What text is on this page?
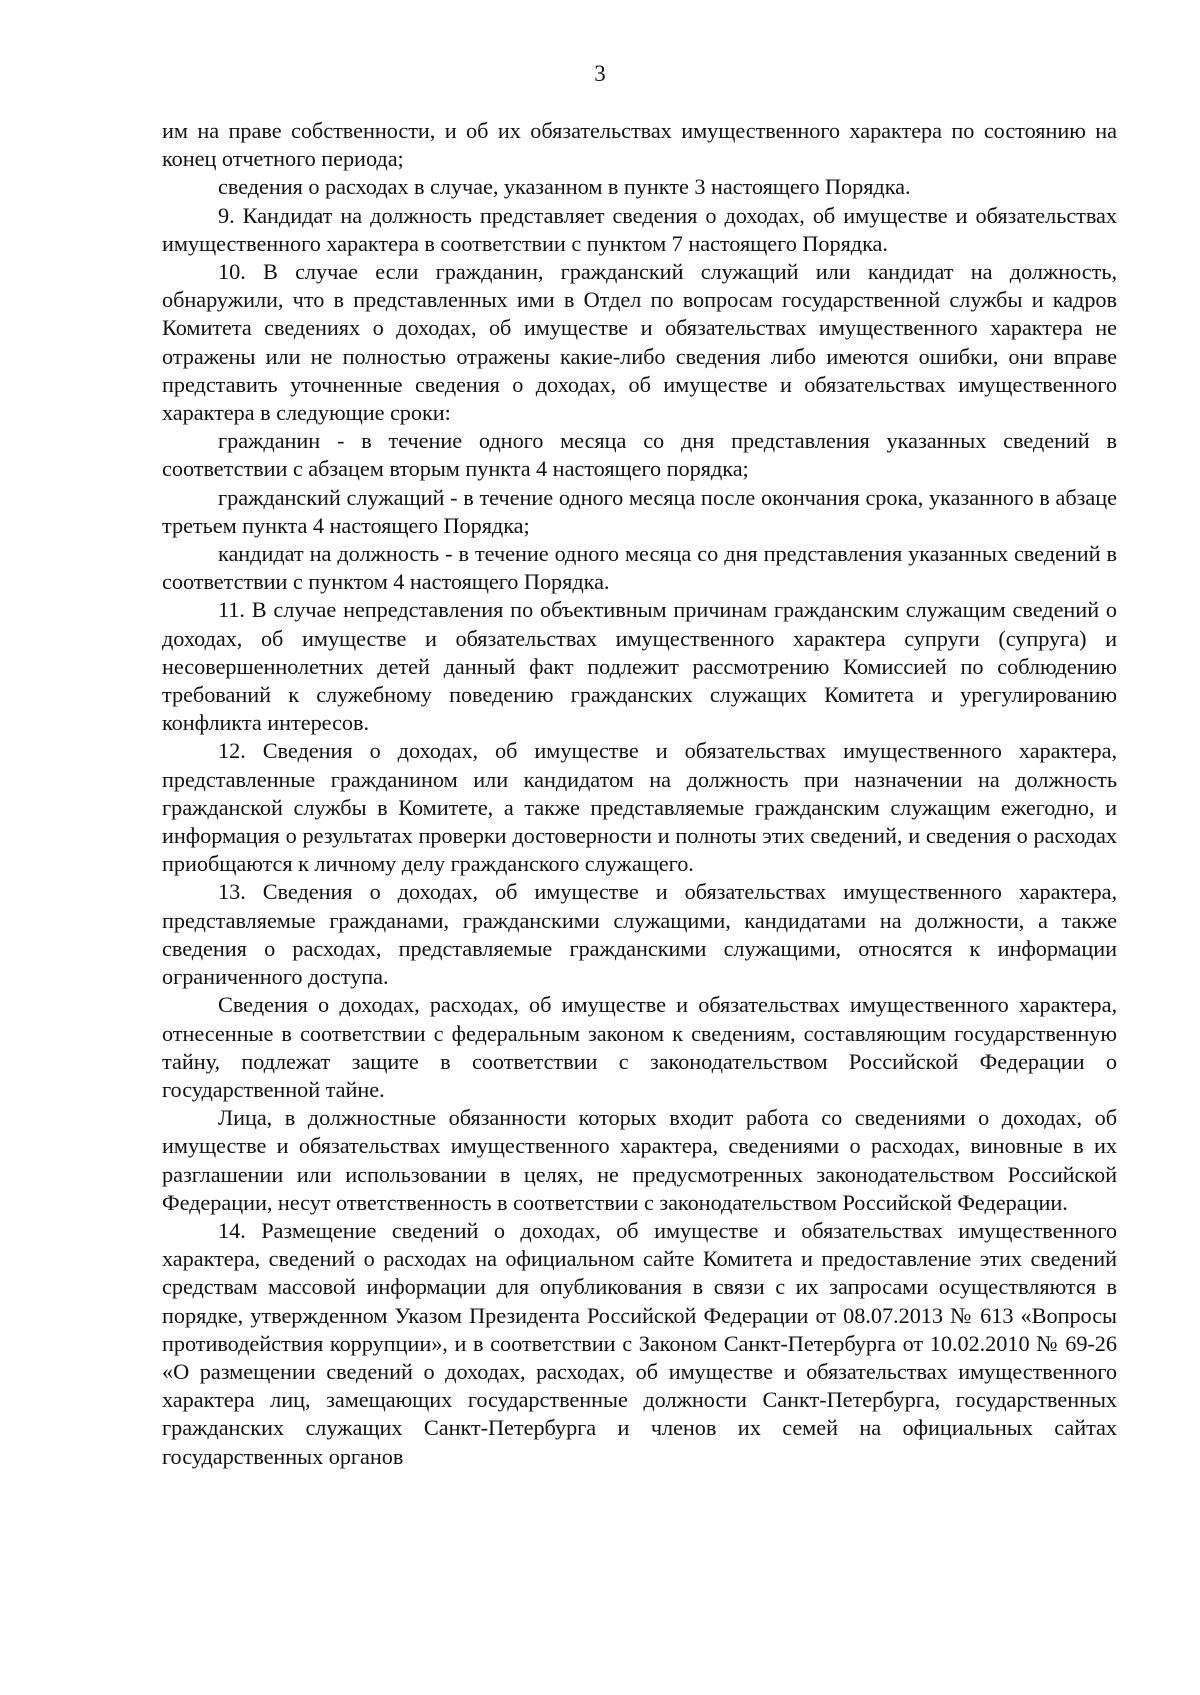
3

им на праве собственности, и об их обязательствах имущественного характера по состоянию на конец отчетного периода;

сведения о расходах в случае, указанном в пункте 3 настоящего Порядка.

9. Кандидат на должность представляет сведения о доходах, об имуществе и обязательствах имущественного характера в соответствии с пунктом 7 настоящего Порядка.

10. В случае если гражданин, гражданский служащий или кандидат на должность, обнаружили, что в представленных ими в Отдел по вопросам государственной службы и кадров Комитета сведениях о доходах, об имуществе и обязательствах имущественного характера не отражены или не полностью отражены какие-либо сведения либо имеются ошибки, они вправе представить уточненные сведения о доходах, об имуществе и обязательствах имущественного характера в следующие сроки:

гражданин - в течение одного месяца со дня представления указанных сведений в соответствии с абзацем вторым пункта 4 настоящего порядка;

гражданский служащий - в течение одного месяца после окончания срока, указанного в абзаце третьем пункта 4 настоящего Порядка;

кандидат на должность - в течение одного месяца со дня представления указанных сведений в соответствии с пунктом 4 настоящего Порядка.

11. В случае непредставления по объективным причинам гражданским служащим сведений о доходах, об имуществе и обязательствах имущественного характера супруги (супруга) и несовершеннолетних детей данный факт подлежит рассмотрению Комиссией по соблюдению требований к служебному поведению гражданских служащих Комитета и урегулированию конфликта интересов.

12. Сведения о доходах, об имуществе и обязательствах имущественного характера, представленные гражданином или кандидатом на должность при назначении на должность гражданской службы в Комитете, а также представляемые гражданским служащим ежегодно, и информация о результатах проверки достоверности и полноты этих сведений, и сведения о расходах приобщаются к личному делу гражданского служащего.

13. Сведения о доходах, об имуществе и обязательствах имущественного характера, представляемые гражданами, гражданскими служащими, кандидатами на должности, а также сведения о расходах, представляемые гражданскими служащими, относятся к информации ограниченного доступа.

Сведения о доходах, расходах, об имуществе и обязательствах имущественного характера, отнесенные в соответствии с федеральным законом к сведениям, составляющим государственную тайну, подлежат защите в соответствии с законодательством Российской Федерации о государственной тайне.

Лица, в должностные обязанности которых входит работа со сведениями о доходах, об имуществе и обязательствах имущественного характера, сведениями о расходах, виновные в их разглашении или использовании в целях, не предусмотренных законодательством Российской Федерации, несут ответственность в соответствии с законодательством Российской Федерации.

14. Размещение сведений о доходах, об имуществе и обязательствах имущественного характера, сведений о расходах на официальном сайте Комитета и предоставление этих сведений средствам массовой информации для опубликования в связи с их запросами осуществляются в порядке, утвержденном Указом Президента Российской Федерации от 08.07.2013 № 613 «Вопросы противодействия коррупции», и в соответствии с Законом Санкт-Петербурга от 10.02.2010 № 69-26 «О размещении сведений о доходах, расходах, об имуществе и обязательствах имущественного характера лиц, замещающих государственные должности Санкт-Петербурга, государственных гражданских служащих Санкт-Петербурга и членов их семей на официальных сайтах государственных органов
